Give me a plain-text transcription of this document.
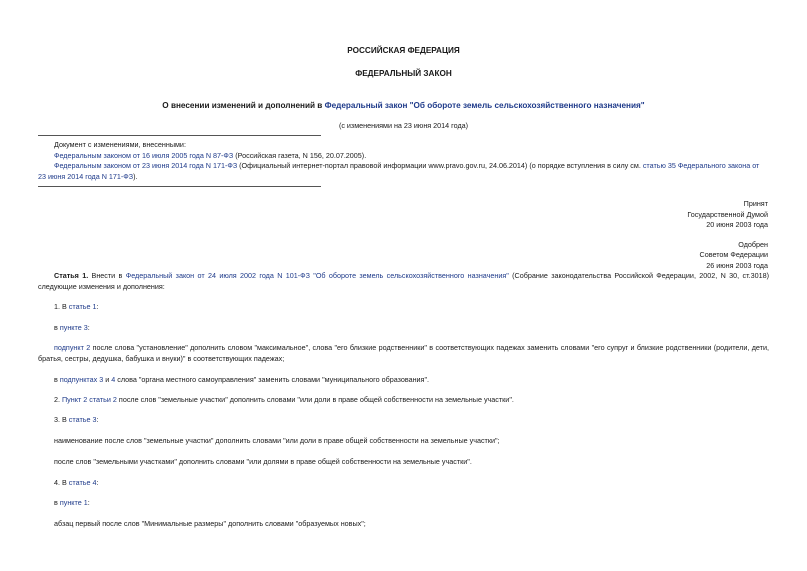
РОССИЙСКАЯ ФЕДЕРАЦИЯ
ФЕДЕРАЛЬНЫЙ ЗАКОН
О внесении изменений и дополнений в Федеральный закон "Об обороте земель сельскохозяйственного назначения"
(с изменениями на 23 июня 2014 года)
Документ с изменениями, внесенными:
Федеральным законом от 16 июля 2005 года N 87-ФЗ (Российская газета, N 156, 20.07.2005).
Федеральным законом от 23 июня 2014 года N 171-ФЗ (Официальный интернет-портал правовой информации www.pravo.gov.ru, 24.06.2014) (о порядке вступления в силу см. статью 35 Федерального закона от 23 июня 2014 года N 171-ФЗ).
Принят
Государственной Думой
20 июня 2003 года
Одобрен
Советом Федерации
26 июня 2003 года
Статья 1. Внести в Федеральный закон от 24 июля 2002 года N 101-ФЗ "Об обороте земель сельскохозяйственного назначения" (Собрание законодательства Российской Федерации, 2002, N 30, ст.3018) следующие изменения и дополнения:
1. В статье 1:
в пункте 3:
подпункт 2 после слова "установление" дополнить словом "максимальное", слова "его близкие родственники" в соответствующих падежах заменить словами "его супруг и близкие родственники (родители, дети, братья, сестры, дедушка, бабушка и внуки)" в соответствующих падежах;
в подпунктах 3 и 4 слова "органа местного самоуправления" заменить словами "муниципального образования".
2. Пункт 2 статьи 2 после слов "земельные участки" дополнить словами "или доли в праве общей собственности на земельные участки".
3. В статье 3:
наименование после слов "земельные участки" дополнить словами "или доли в праве общей собственности на земельные участки";
после слов "земельными участками" дополнить словами "или долями в праве общей собственности на земельные участки".
4. В статье 4:
в пункте 1:
абзац первый после слов "Минимальные размеры" дополнить словами "образуемых новых";
